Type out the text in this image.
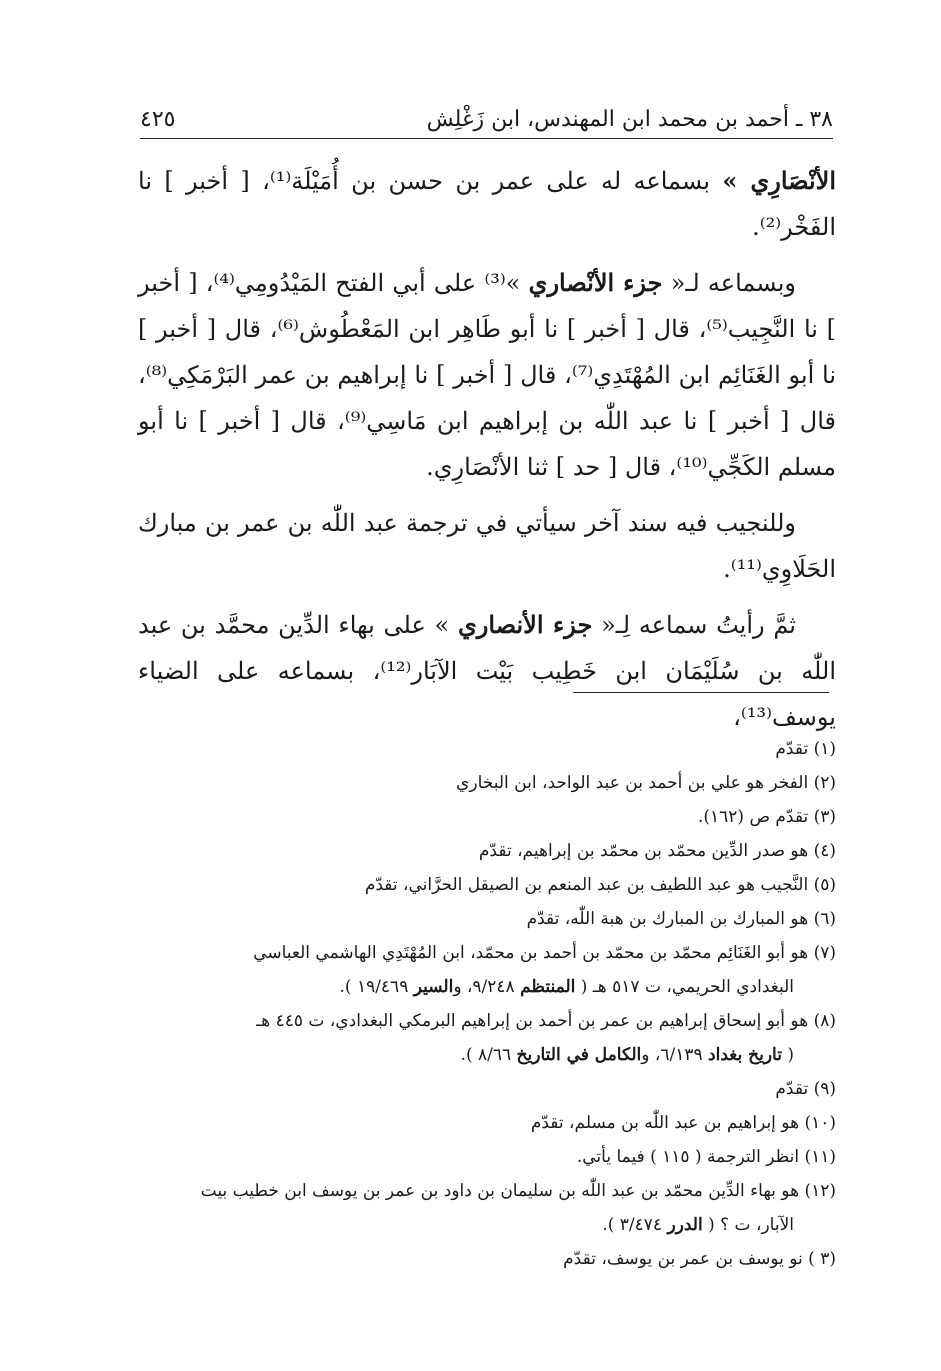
٣٨ ـ أحمد بن محمد ابن المهندس، ابن زَغْلِش
٤٢٥

الأنْصَارِي » بسماعه له على عمر بن حسن بن أُمَيْلَة⁽¹⁾، [ أخبر ] نا الفَخْر⁽²⁾.

وبسماعه لـ« جزء الأنْصاري »⁽³⁾ على أبي الفتح المَيْدُومِي⁽⁴⁾، [ أخبر ] نا النَّجِيب⁽⁵⁾، قال [ أخبر ] نا أبو طَاهِر ابن المَعْطُوش⁽⁶⁾، قال [ أخبر ] نا أبو الغَنَائِم ابن المُهْتَدِي⁽⁷⁾، قال [ أخبر ] نا إبراهيم بن عمر البَرْمَكِي⁽⁸⁾، قال [ أخبر ] نا عبد اللّٰه بن إبراهيم ابن مَاسِي⁽⁹⁾، قال [ أخبر ] نا أبو مسلم الكَجِّي⁽¹⁰⁾، قال [ حد ] ثنا الأنْصَارِي.

وللنجيب فيه سند آخر سيأتي في ترجمة عبد اللّٰه بن عمر بن مبارك الحَلَاوِي⁽¹¹⁾.

ثمَّ رأيتُ سماعه لِـ« جزء الأنصاري » على بهاء الدِّين محمَّد بن عبد اللّٰه بن سُلَيْمَان ابن خَطِيب بَيْت الآبَار⁽¹²⁾، بسماعه على الضياء يوسف⁽¹³⁾،

(١) تقدّم
(٢) الفخر هو علي بن أحمد بن عبد الواحد، ابن البخاري
(٣) تقدّم ص (١٦٢).
(٤) هو صدر الدِّين محمّد بن محمّد بن إبراهيم، تقدّم
(٥) النَّجيب هو عبد اللطيف بن عبد المنعم بن الصيقل الحرَّاني، تقدّم
(٦) هو المبارك بن المبارك بن هبة اللّٰه، تقدّم
(٧) هو أبو الغَنَائِم محمّد بن محمّد بن أحمد بن محمّد، ابن المُهْتَدِي الهاشمي العباسي
البغدادي الحريمي، ت ٥١٧ هـ ( المنتظم ٩/٢٤٨، والسير ١٩/٤٦٩ ).
(٨) هو أبو إسحاق إبراهيم بن عمر بن أحمد بن إبراهيم البرمكي البغدادي، ت ٤٤٥ هـ
( تاريخ بغداد ٦/١٣٩، والكامل في التاريخ ٨/٦٦ ).
(٩) تقدّم
(١٠) هو إبراهيم بن عبد اللّٰه بن مسلم، تقدّم
(١١) انظر الترجمة ( ١١٥ ) فيما يأتي.
(١٢) هو بهاء الدِّين محمّد بن عبد اللّٰه بن سليمان بن داود بن عمر بن يوسف ابن خطيب بيت
الآبار، ت ؟ ( الدرر ٣/٤٧٤ ).
(٣ ) نو يوسف بن عمر بن يوسف، تقدّم
